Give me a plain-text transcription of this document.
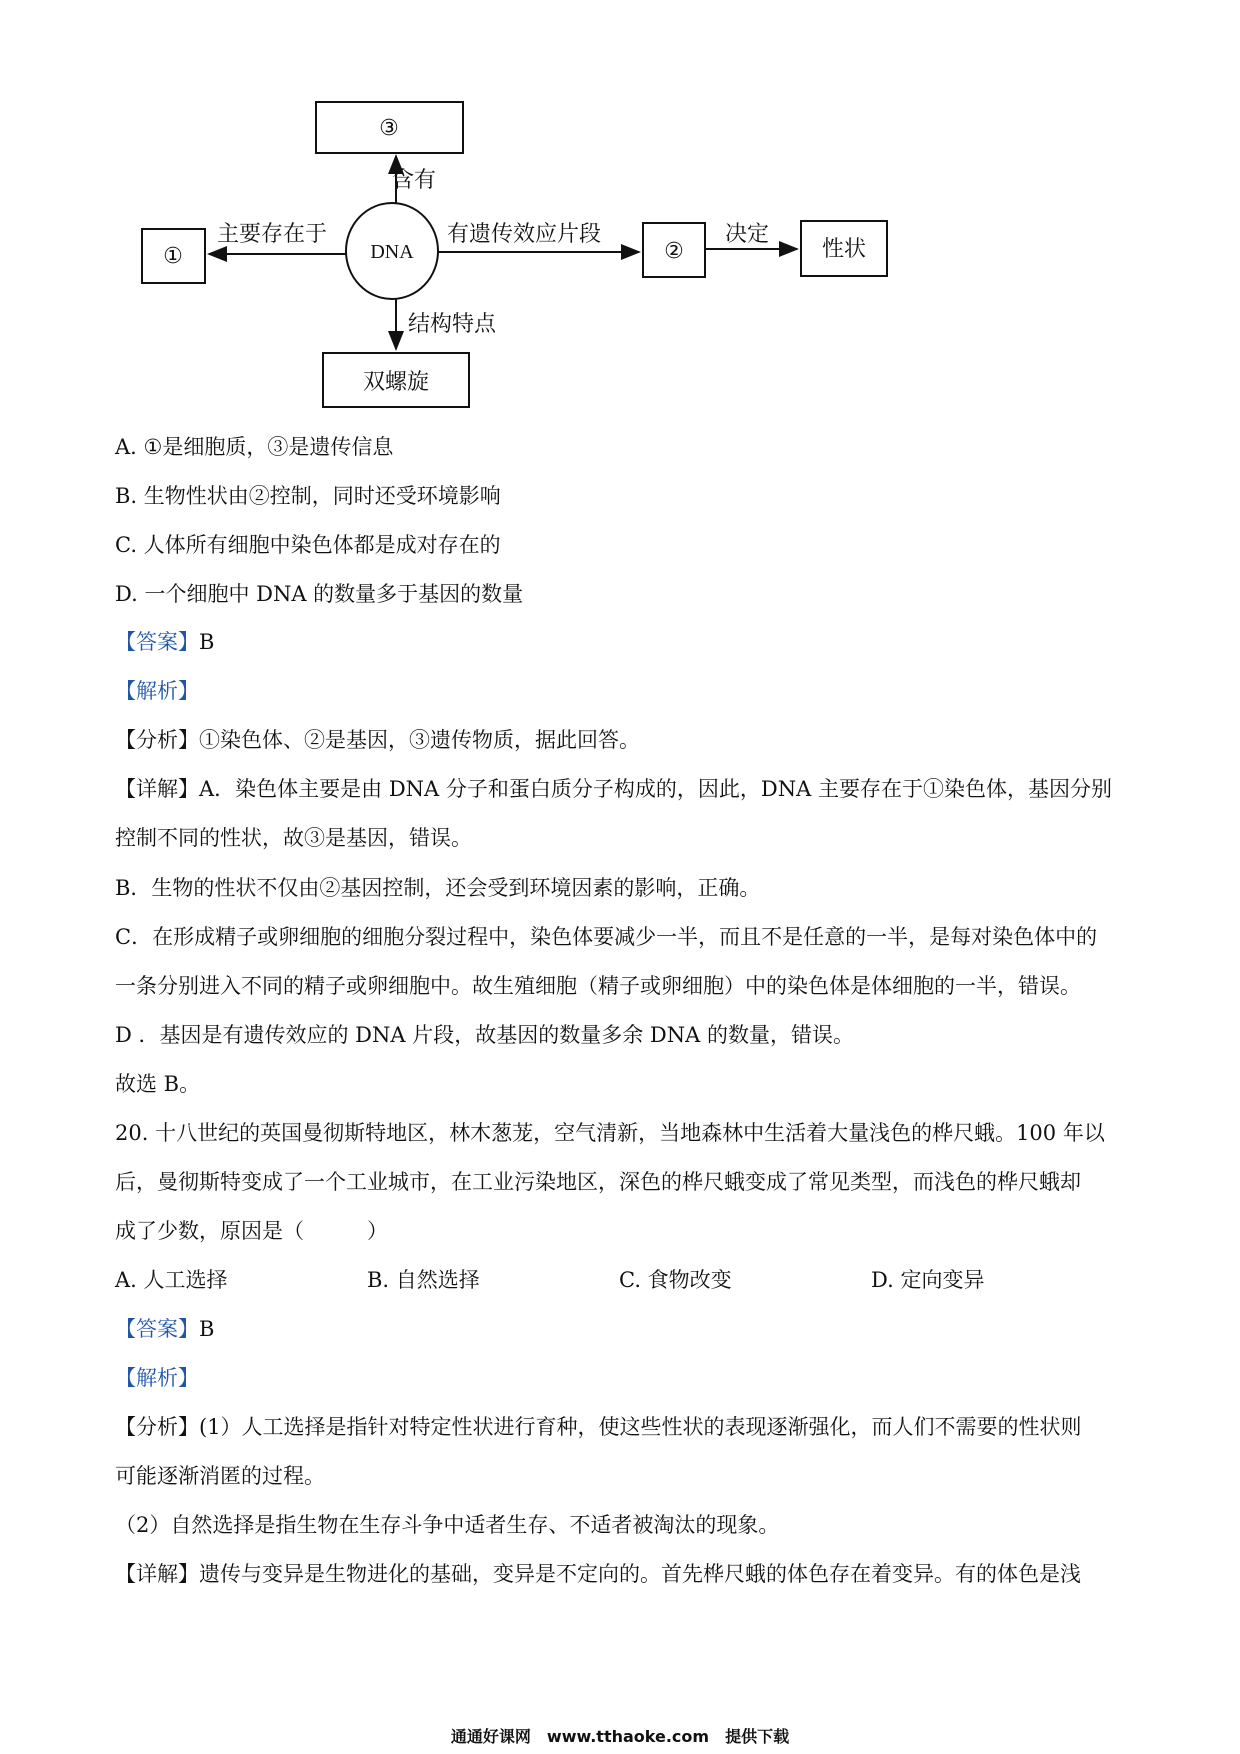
③
①	②	性状
双螺旋
DNA
含有
主要存在于	有遗传效应片段	决定
结构特点
A. ①是细胞质，③是遗传信息
B. 生物性状由②控制，同时还受环境影响
C. 人体所有细胞中染色体都是成对存在的
D. 一个细胞中 DNA 的数量多于基因的数量
【答案】B
【解析】
【分析】①染色体、②是基因，③遗传物质，据此回答。
【详解】A．染色体主要是由 DNA 分子和蛋白质分子构成的，因此，DNA 主要存在于①染色体，基因分别
控制不同的性状，故③是基因，错误。
B．生物的性状不仅由②基因控制，还会受到环境因素的影响，正确。
C．在形成精子或卵细胞的细胞分裂过程中，染色体要减少一半，而且不是任意的一半，是每对染色体中的
一条分别进入不同的精子或卵细胞中。故生殖细胞（精子或卵细胞）中的染色体是体细胞的一半，错误。
D ．基因是有遗传效应的 DNA 片段，故基因的数量多余 DNA 的数量，错误。
故选 B。
20. 十八世纪的英国曼彻斯特地区，林木葱茏，空气清新，当地森林中生活着大量浅色的桦尺蛾。100 年以
后，曼彻斯特变成了一个工业城市，在工业污染地区，深色的桦尺蛾变成了常见类型，而浅色的桦尺蛾却
成了少数，原因是（　　　）
A. 人工选择	B. 自然选择	C. 食物改变	D. 定向变异
【答案】B
【解析】
【分析】(1）人工选择是指针对特定性状进行育种，使这些性状的表现逐渐强化，而人们不需要的性状则
可能逐渐消匿的过程。
（2）自然选择是指生物在生存斗争中适者生存、不适者被淘汰的现象。
【详解】遗传与变异是生物进化的基础，变异是不定向的。首先桦尺蛾的体色存在着变异。有的体色是浅
通通好课网　www.tthaoke.com　提供下载
